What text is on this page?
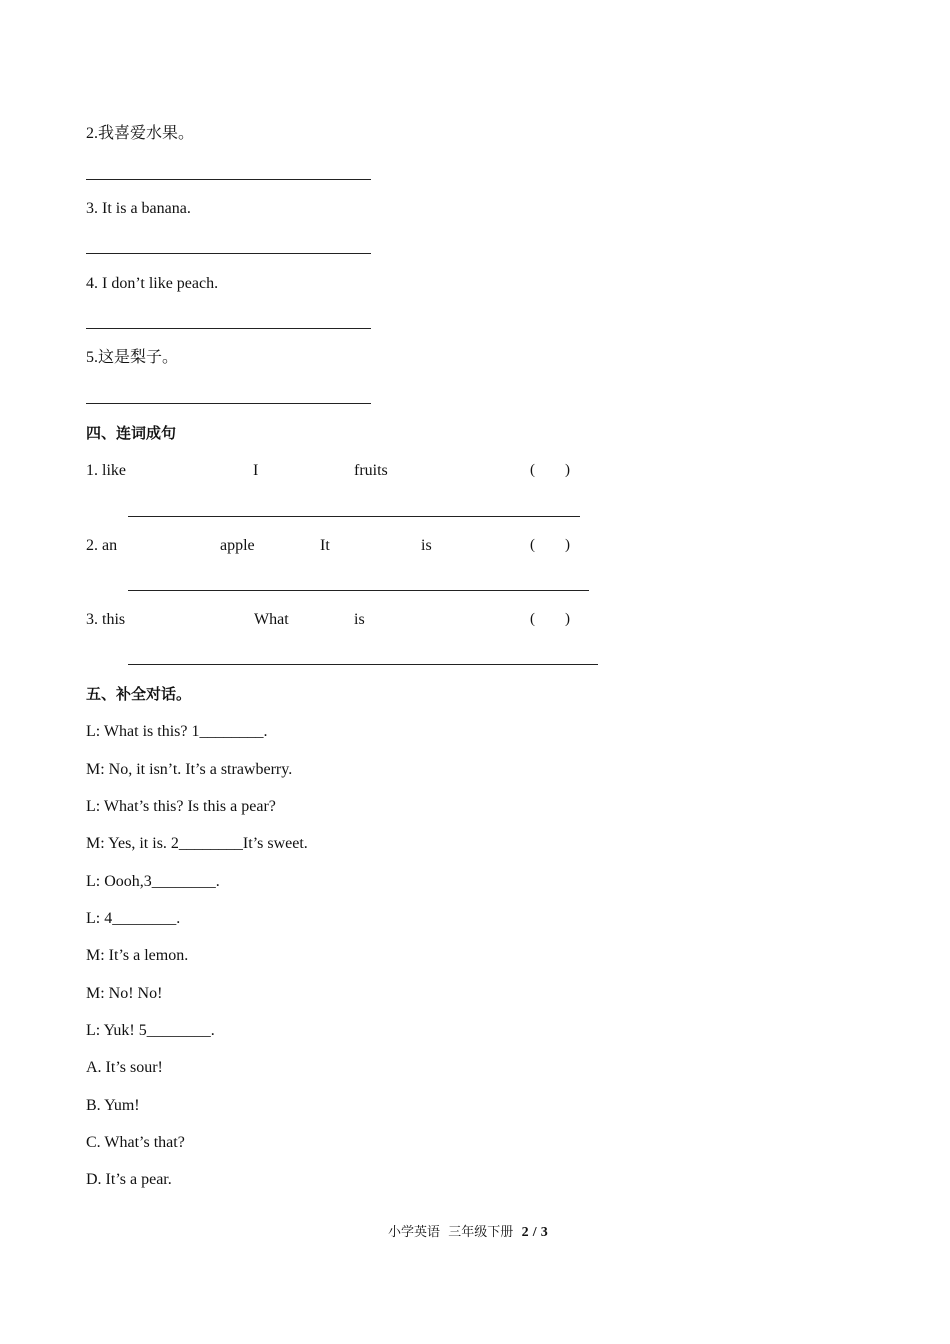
2.我喜爱水果。
3. It is a banana.
4. I don’t like peach.
5.这是梨子。
四、连词成句
1. like	I	fruits	(　　)
2. an	apple	It	is	(　　)
3. this	What	is	(　　)
五、补全对话。
L: What is this? 1________.
M: No, it isn’t. It’s a strawberry.
L: What’s this? Is this a pear?
M: Yes, it is. 2________It’s sweet.
L: Oooh,3________.
L: 4________.
M: It’s a lemon.
M: No! No!
L: Yuk! 5________.
A. It’s sour!
B. Yum!
C. What’s that?
D. It’s a pear.
小学英语 三年级下册 2 / 3
